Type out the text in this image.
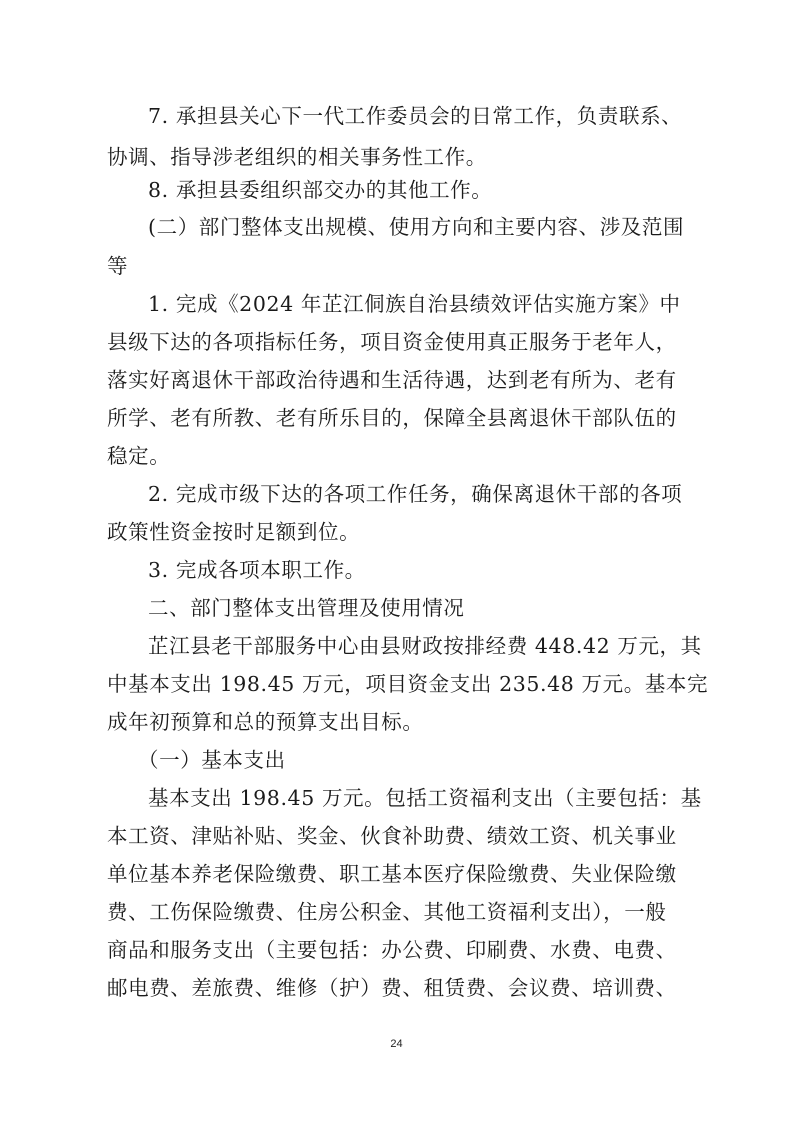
7. 承担县关心下一代工作委员会的日常工作，负责联系、
协调、指导涉老组织的相关事务性工作。
8. 承担县委组织部交办的其他工作。
(二）部门整体支出规模、使用方向和主要内容、涉及范围
等
1. 完成《2024 年芷江侗族自治县绩效评估实施方案》中
县级下达的各项指标任务，项目资金使用真正服务于老年人，
落实好离退休干部政治待遇和生活待遇，达到老有所为、老有
所学、老有所教、老有所乐目的，保障全县离退休干部队伍的
稳定。
2. 完成市级下达的各项工作任务，确保离退休干部的各项
政策性资金按时足额到位。
3. 完成各项本职工作。
二、部门整体支出管理及使用情况
芷江县老干部服务中心由县财政按排经费 448.42 万元，其
中基本支出 198.45 万元，项目资金支出 235.48 万元。基本完
成年初预算和总的预算支出目标。
（一）基本支出
基本支出 198.45 万元。包括工资福利支出（主要包括：基
本工资、津贴补贴、奖金、伙食补助费、绩效工资、机关事业
单位基本养老保险缴费、职工基本医疗保险缴费、失业保险缴
费、工伤保险缴费、住房公积金、其他工资福利支出），一般
商品和服务支出（主要包括：办公费、印刷费、水费、电费、
邮电费、差旅费、维修（护）费、租赁费、会议费、培训费、
24
